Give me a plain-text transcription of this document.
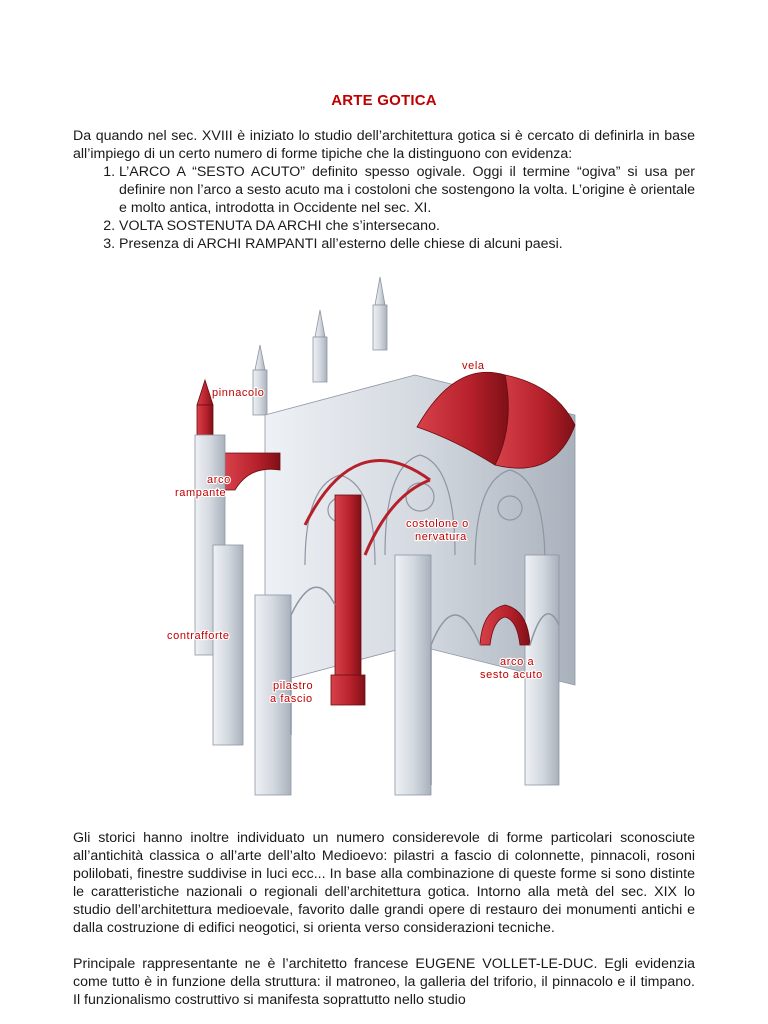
ARTE GOTICA
Da quando nel sec. XVIII è iniziato lo studio dell’architettura gotica si è cercato di definirla in base all’impiego di un certo numero di forme tipiche che la distinguono con evidenza:
1. L’ARCO A “SESTO ACUTO” definito spesso ogivale. Oggi il termine “ogiva” si usa per definire non l’arco a sesto acuto ma i costoloni che sostengono la volta. L’origine è orientale e molto antica, introdotta in Occidente nel sec. XI.
2. VOLTA SOSTENUTA DA ARCHI che s’intersecano.
3. Presenza di ARCHI RAMPANTI all’esterno delle chiese di alcuni paesi.
vela
pinnacolo
arco
rampante
costolone o
nervatura
contrafforte
pilastro
a fascio
arco a
sesto acuto
Gli storici hanno inoltre individuato un numero considerevole di forme particolari sconosciute all’antichità classica o all’arte dell’alto Medioevo: pilastri a fascio di colonnette, pinnacoli, rosoni polilobati, finestre suddivise in luci ecc... In base alla combinazione di queste forme si sono distinte le caratteristiche nazionali o regionali dell’architettura gotica. Intorno alla metà del sec. XIX lo studio dell’architettura medioevale, favorito dalle grandi opere di restauro dei monumenti antichi e dalla costruzione di edifici neogotici, si orienta verso considerazioni tecniche.
Principale rappresentante ne è l’architetto francese EUGENE VOLLET-LE-DUC. Egli evidenzia come tutto è in funzione della struttura: il matroneo, la galleria del triforio, il pinnacolo e il timpano. Il funzionalismo costruttivo si manifesta soprattutto nello studio
